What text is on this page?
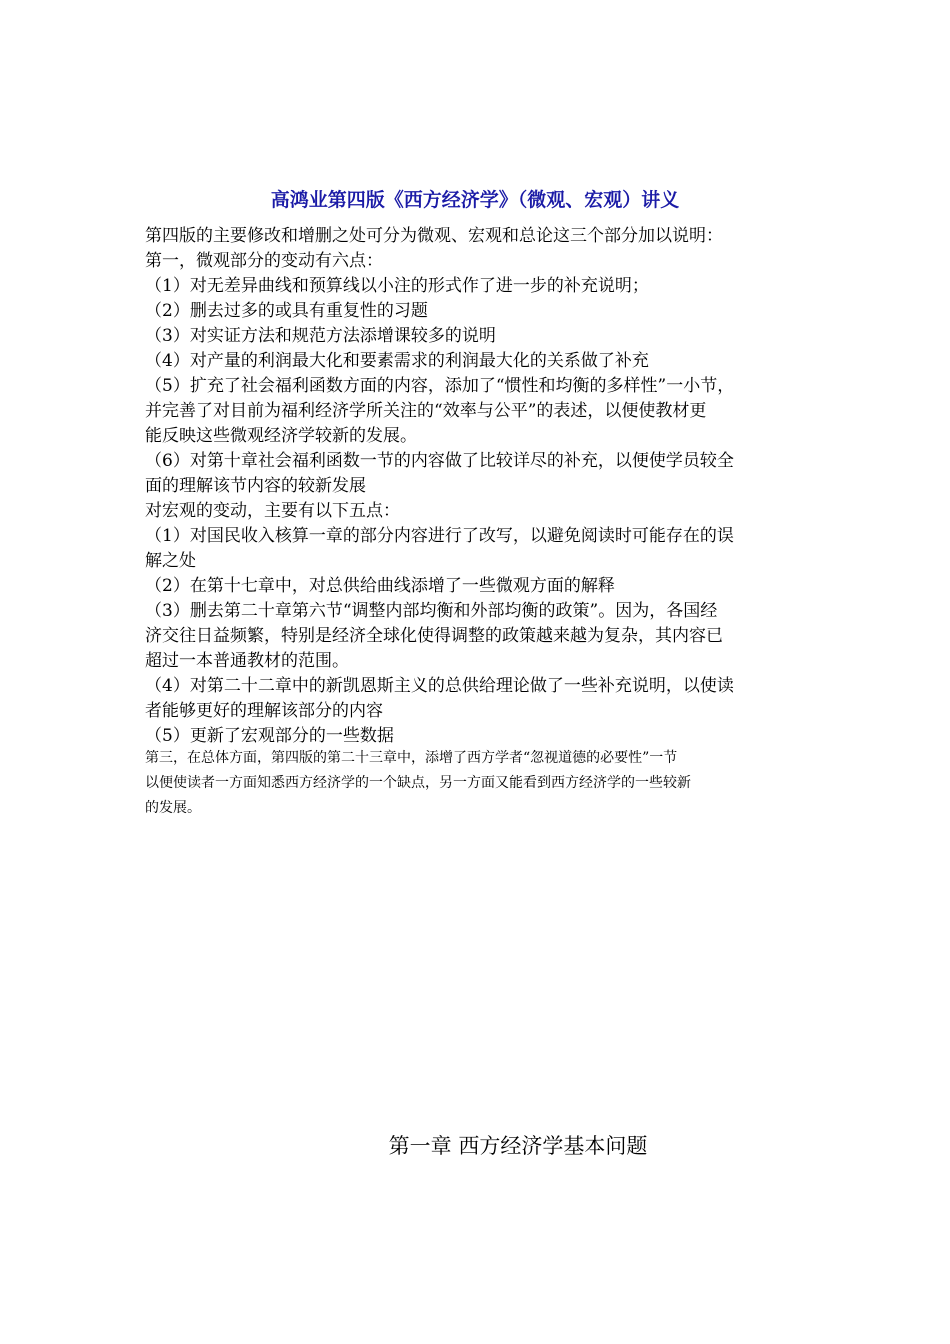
高鸿业第四版《西方经济学》（微观、宏观）讲义

第四版的主要修改和增删之处可分为微观、宏观和总论这三个部分加以说明：

第一，微观部分的变动有六点：

（1）对无差异曲线和预算线以小注的形式作了进一步的补充说明；

（2）删去过多的或具有重复性的习题

（3）对实证方法和规范方法添增课较多的说明

（4）对产量的利润最大化和要素需求的利润最大化的关系做了补充

（5）扩充了社会福利函数方面的内容，添加了“惯性和均衡的多样性”一小节，

并完善了对目前为福利经济学所关注的“效率与公平”的表述，以便使教材更

能反映这些微观经济学较新的发展。

（6）对第十章社会福利函数一节的内容做了比较详尽的补充，以便使学员较全

面的理解该节内容的较新发展

对宏观的变动，主要有以下五点：

（1）对国民收入核算一章的部分内容进行了改写，以避免阅读时可能存在的误

解之处

（2）在第十七章中，对总供给曲线添增了一些微观方面的解释

（3）删去第二十章第六节“调整内部均衡和外部均衡的政策”。因为，各国经

济交往日益频繁，特别是经济全球化使得调整的政策越来越为复杂，其内容已

超过一本普通教材的范围。

（4）对第二十二章中的新凯恩斯主义的总供给理论做了一些补充说明，以使读

者能够更好的理解该部分的内容

（5）更新了宏观部分的一些数据

第三，在总体方面，第四版的第二十三章中，添增了西方学者“忽视道德的必要性”一节

以便使读者一方面知悉西方经济学的一个缺点，另一方面又能看到西方经济学的一些较新

的发展。

第一章 西方经济学基本问题
